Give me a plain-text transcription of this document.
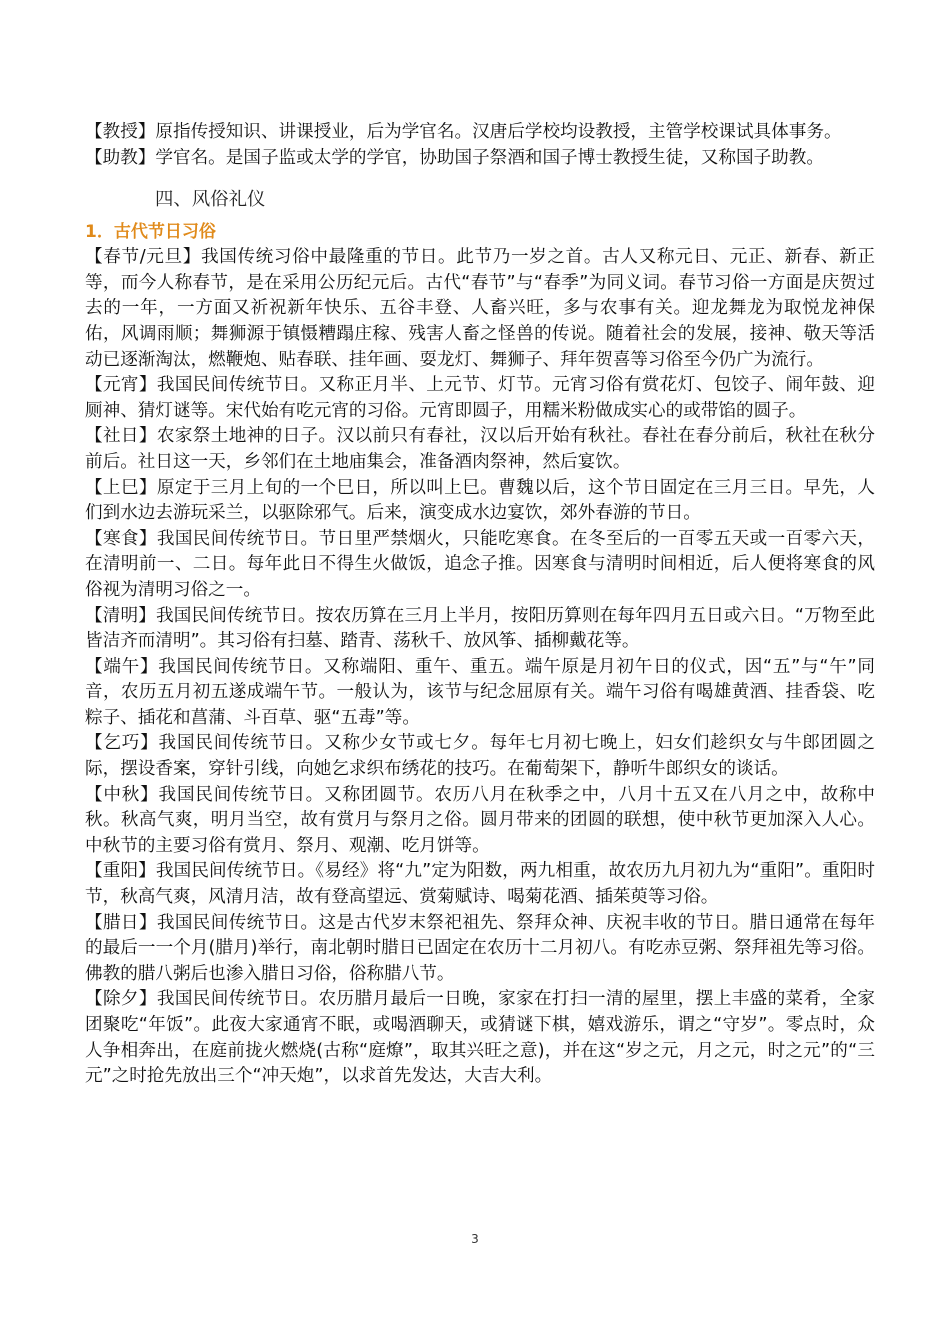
【教授】原指传授知识、讲课授业，后为学官名。汉唐后学校均设教授，主管学校课试具体事务。

【助教】学官名。是国子监或太学的学官，协助国子祭酒和国子博士教授生徒，又称国子助教。

四、风俗礼仪
1．古代节日习俗

【春节/元旦】我国传统习俗中最隆重的节日。此节乃一岁之首。古人又称元日、元正、新春、新正等，而今人称春节，是在采用公历纪元后。古代“春节”与“春季”为同义词。春节习俗一方面是庆贺过去的一年，一方面又祈祝新年快乐、五谷丰登、人畜兴旺，多与农事有关。迎龙舞龙为取悦龙神保佑，风调雨顺；舞狮源于镇慑糟蹋庄稼、残害人畜之怪兽的传说。随着社会的发展，接神、敬天等活动已逐渐淘汰，燃鞭炮、贴春联、挂年画、耍龙灯、舞狮子、拜年贺喜等习俗至今仍广为流行。

【元宵】我国民间传统节日。又称正月半、上元节、灯节。元宵习俗有赏花灯、包饺子、闹年鼓、迎厕神、猜灯谜等。宋代始有吃元宵的习俗。元宵即圆子，用糯米粉做成实心的或带馅的圆子。

【社日】农家祭土地神的日子。汉以前只有春社，汉以后开始有秋社。春社在春分前后，秋社在秋分前后。社日这一天，乡邻们在土地庙集会，准备酒肉祭神，然后宴饮。

【上巳】原定于三月上旬的一个巳日，所以叫上巳。曹魏以后，这个节日固定在三月三日。早先，人们到水边去游玩采兰，以驱除邪气。后来，演变成水边宴饮，郊外春游的节日。

【寒食】我国民间传统节日。节日里严禁烟火，只能吃寒食。在冬至后的一百零五天或一百零六天，在清明前一、二日。每年此日不得生火做饭，追念子推。因寒食与清明时间相近，后人便将寒食的风俗视为清明习俗之一。

【清明】我国民间传统节日。按农历算在三月上半月，按阳历算则在每年四月五日或六日。“万物至此皆洁齐而清明”。其习俗有扫墓、踏青、荡秋千、放风筝、插柳戴花等。

【端午】我国民间传统节日。又称端阳、重午、重五。端午原是月初午日的仪式，因“五”与“午”同音，农历五月初五遂成端午节。一般认为，该节与纪念屈原有关。端午习俗有喝雄黄酒、挂香袋、吃粽子、插花和菖蒲、斗百草、驱“五毒”等。

【乞巧】我国民间传统节日。又称少女节或七夕。每年七月初七晚上，妇女们趁织女与牛郎团圆之际，摆设香案，穿针引线，向她乞求织布绣花的技巧。在葡萄架下，静听牛郎织女的谈话。

【中秋】我国民间传统节日。又称团圆节。农历八月在秋季之中，八月十五又在八月之中，故称中秋。秋高气爽，明月当空，故有赏月与祭月之俗。圆月带来的团圆的联想，使中秋节更加深入人心。中秋节的主要习俗有赏月、祭月、观潮、吃月饼等。

【重阳】我国民间传统节日。《易经》将“九”定为阳数，两九相重，故农历九月初九为“重阳”。重阳时节，秋高气爽，风清月洁，故有登高望远、赏菊赋诗、喝菊花酒、插茱萸等习俗。

【腊日】我国民间传统节日。这是古代岁末祭祀祖先、祭拜众神、庆祝丰收的节日。腊日通常在每年的最后一一个月(腊月)举行，南北朝时腊日已固定在农历十二月初八。有吃赤豆粥、祭拜祖先等习俗。佛教的腊八粥后也渗入腊日习俗，俗称腊八节。

【除夕】我国民间传统节日。农历腊月最后一日晚，家家在打扫一清的屋里，摆上丰盛的菜肴，全家团聚吃“年饭”。此夜大家通宵不眠，或喝酒聊天，或猜谜下棋，嬉戏游乐，谓之“守岁”。零点时，众人争相奔出，在庭前拢火燃烧(古称“庭燎”，取其兴旺之意)，并在这“岁之元，月之元，时之元”的“三元”之时抢先放出三个“冲天炮”，以求首先发达，大吉大利。

3
